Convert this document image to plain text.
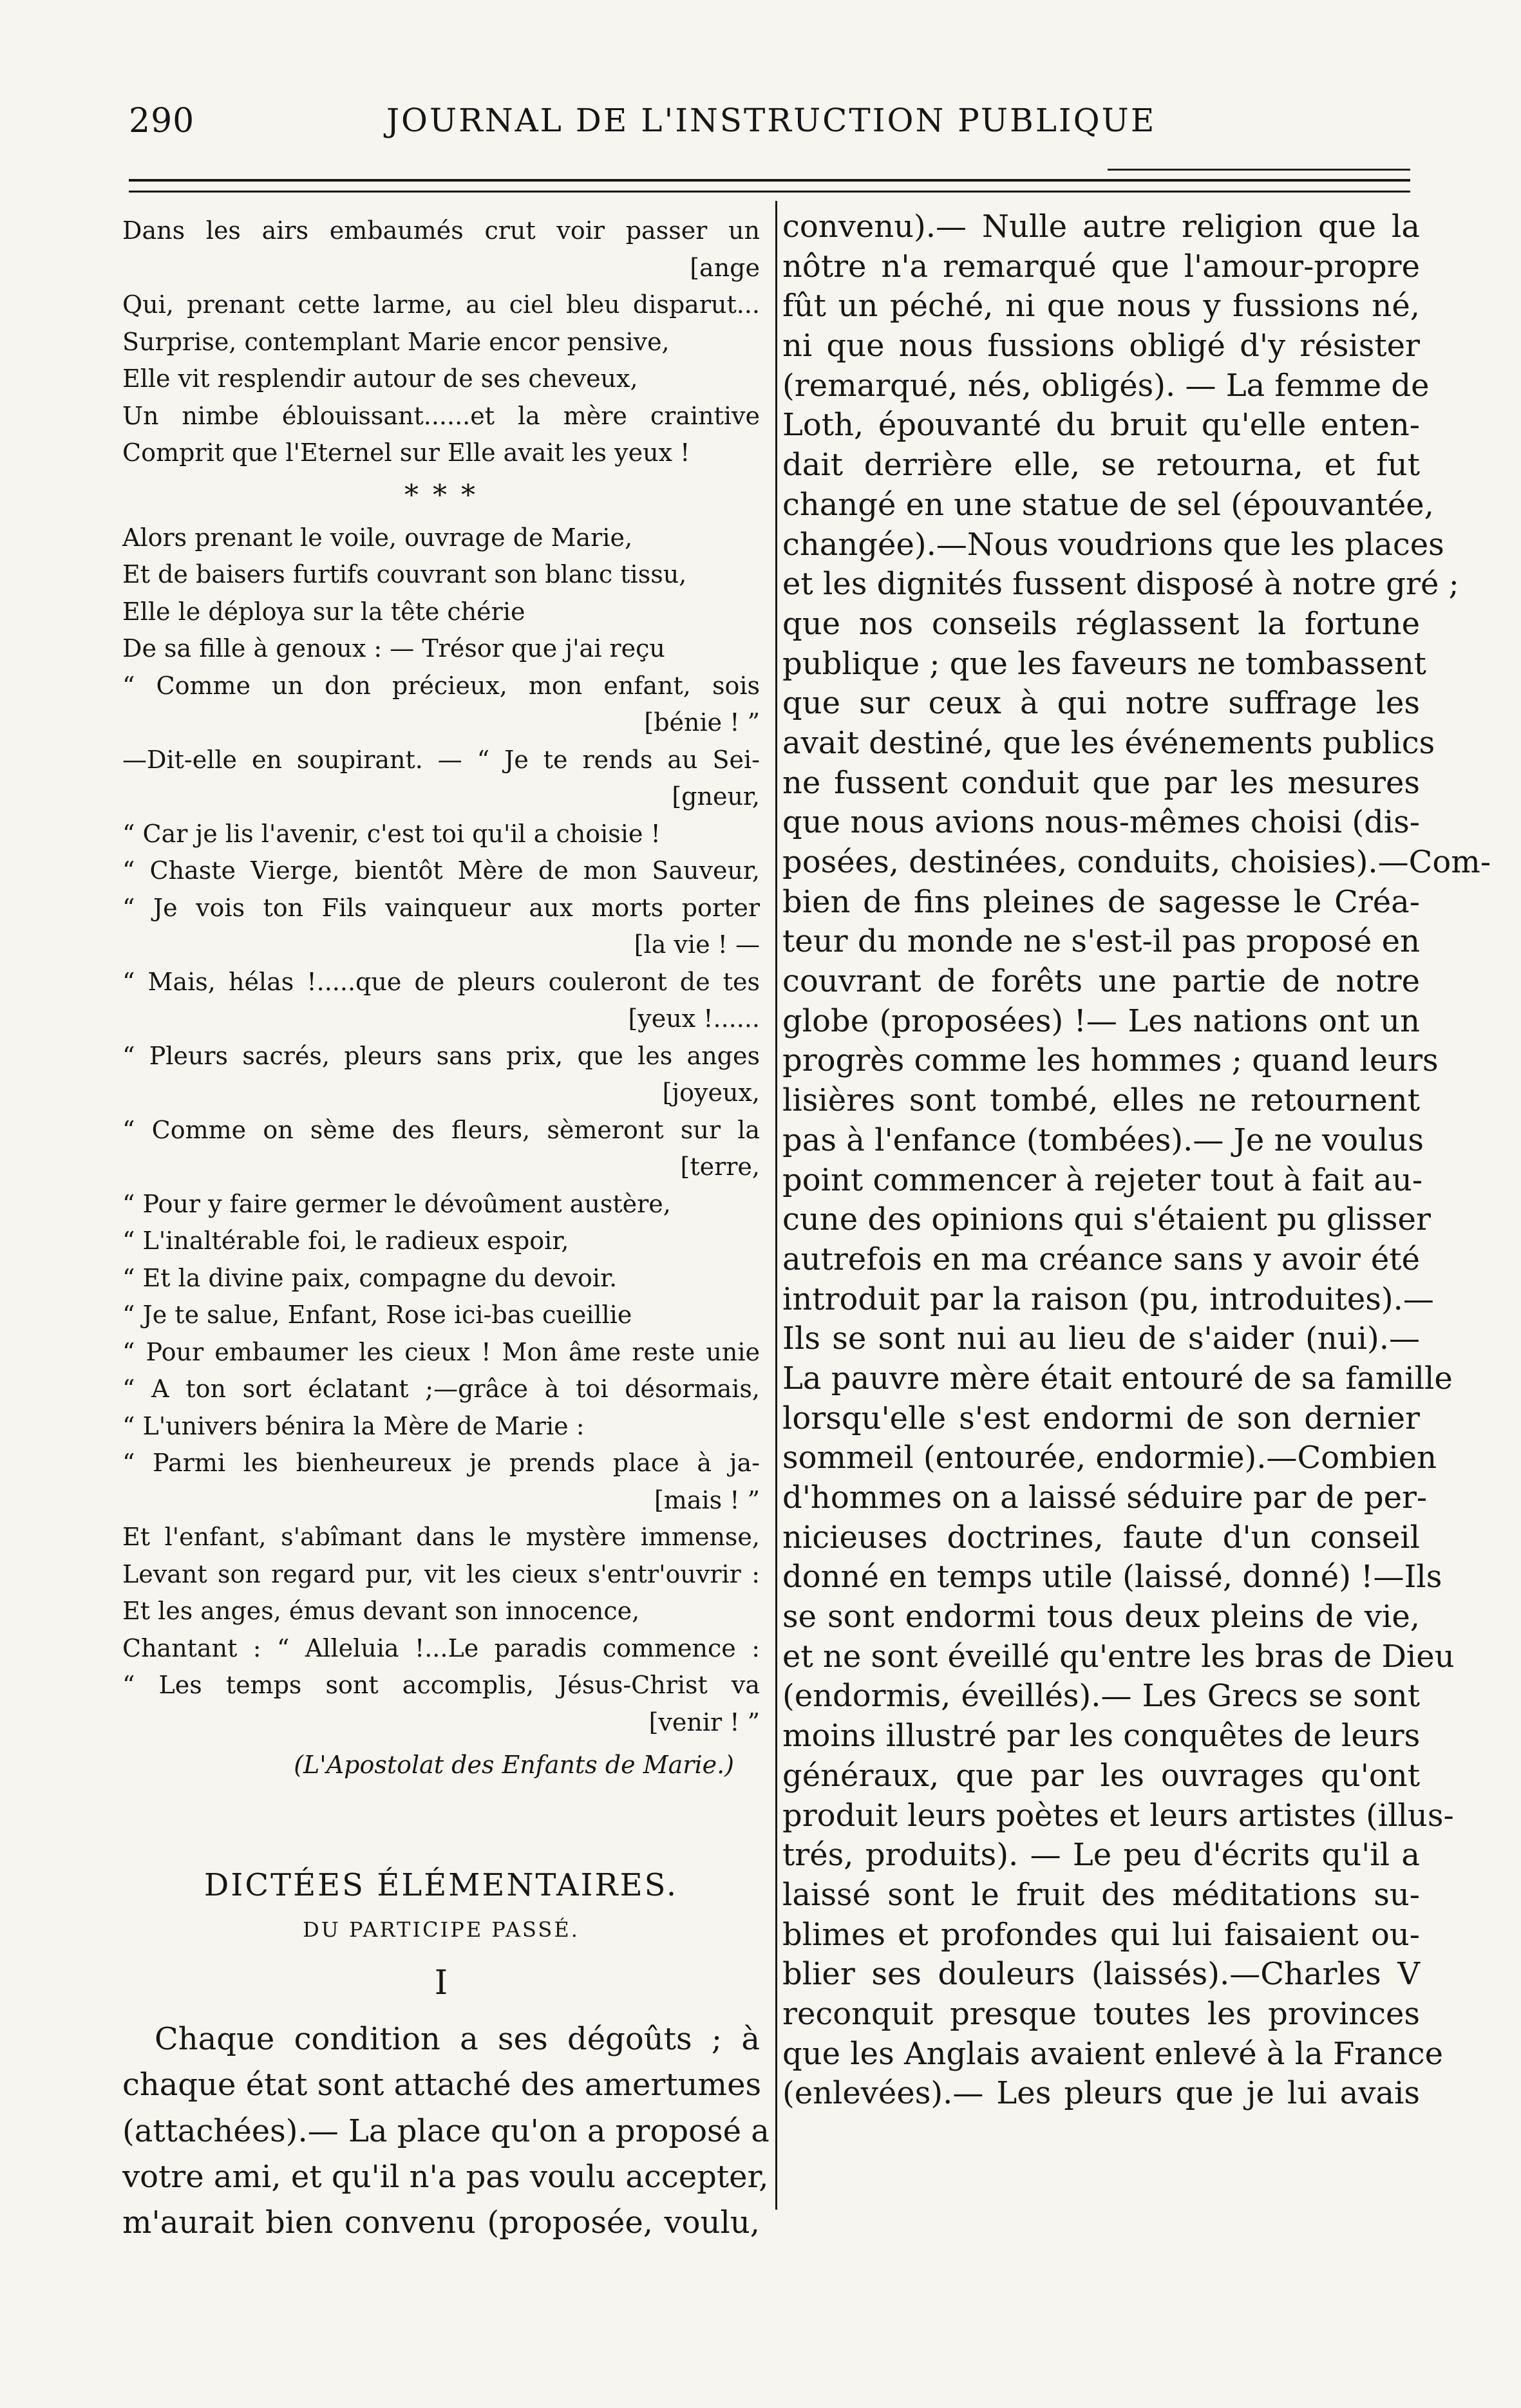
290	JOURNAL DE L'INSTRUCTION PUBLIQUE
Dans les airs embaumés crut voir passer un
[ange
Qui, prenant cette larme, au ciel bleu disparut...
Surprise, contemplant Marie encor pensive,
Elle vit resplendir autour de ses cheveux,
Un nimbe éblouissant......et la mère craintive
Comprit que l'Eternel sur Elle avait les yeux !
* * *
Alors prenant le voile, ouvrage de Marie,
Et de baisers furtifs couvrant son blanc tissu,
Elle le déploya sur la tête chérie
De sa fille à genoux : — Trésor que j'ai reçu
“ Comme un don précieux, mon enfant, sois
[bénie ! ”
—Dit-elle en soupirant. — “ Je te rends au Sei-
[gneur,
“ Car je lis l'avenir, c'est toi qu'il a choisie !
“ Chaste Vierge, bientôt Mère de mon Sauveur,
“ Je vois ton Fils vainqueur aux morts porter
[la vie ! —
“ Mais, hélas !.....que de pleurs couleront de tes
[yeux !......
“ Pleurs sacrés, pleurs sans prix, que les anges
[joyeux,
“ Comme on sème des fleurs, sèmeront sur la
[terre,
“ Pour y faire germer le dévoûment austère,
“ L'inaltérable foi, le radieux espoir,
“ Et la divine paix, compagne du devoir.
“ Je te salue, Enfant, Rose ici-bas cueillie
“ Pour embaumer les cieux ! Mon âme reste unie
“ A ton sort éclatant ;—grâce à toi désormais,
“ L'univers bénira la Mère de Marie :
“ Parmi les bienheureux je prends place à ja-
[mais ! ”
Et l'enfant, s'abîmant dans le mystère immense,
Levant son regard pur, vit les cieux s'entr'ouvrir :
Et les anges, émus devant son innocence,
Chantant : “ Alleluia !...Le paradis commence :
“ Les temps sont accomplis, Jésus-Christ va
[venir ! ”
(L'Apostolat des Enfants de Marie.)
DICTÉES ÉLÉMENTAIRES.
DU PARTICIPE PASSÉ.
I
Chaque condition a ses dégoûts ; à
chaque état sont attaché des amertumes
(attachées).— La place qu'on a proposé a
votre ami, et qu'il n'a pas voulu accepter,
m'aurait bien convenu (proposée, voulu,
convenu).— Nulle autre religion que la
nôtre n'a remarqué que l'amour-propre
fût un péché, ni que nous y fussions né,
ni que nous fussions obligé d'y résister
(remarqué, nés, obligés). — La femme de
Loth, épouvanté du bruit qu'elle enten-
dait derrière elle, se retourna, et fut
changé en une statue de sel (épouvantée,
changée).—Nous voudrions que les places
et les dignités fussent disposé à notre gré ;
que nos conseils réglassent la fortune
publique ; que les faveurs ne tombassent
que sur ceux à qui notre suffrage les
avait destiné, que les événements publics
ne fussent conduit que par les mesures
que nous avions nous-mêmes choisi (dis-
posées, destinées, conduits, choisies).—Com-
bien de fins pleines de sagesse le Créa-
teur du monde ne s'est-il pas proposé en
couvrant de forêts une partie de notre
globe (proposées) !— Les nations ont un
progrès comme les hommes ; quand leurs
lisières sont tombé, elles ne retournent
pas à l'enfance (tombées).— Je ne voulus
point commencer à rejeter tout à fait au-
cune des opinions qui s'étaient pu glisser
autrefois en ma créance sans y avoir été
introduit par la raison (pu, introduites).—
Ils se sont nui au lieu de s'aider (nui).—
La pauvre mère était entouré de sa famille
lorsqu'elle s'est endormi de son dernier
sommeil (entourée, endormie).—Combien
d'hommes on a laissé séduire par de per-
nicieuses doctrines, faute d'un conseil
donné en temps utile (laissé, donné) !—Ils
se sont endormi tous deux pleins de vie,
et ne sont éveillé qu'entre les bras de Dieu
(endormis, éveillés).— Les Grecs se sont
moins illustré par les conquêtes de leurs
généraux, que par les ouvrages qu'ont
produit leurs poètes et leurs artistes (illus-
trés, produits). — Le peu d'écrits qu'il a
laissé sont le fruit des méditations su-
blimes et profondes qui lui faisaient ou-
blier ses douleurs (laissés).—Charles V
reconquit presque toutes les provinces
que les Anglais avaient enlevé à la France
(enlevées).— Les pleurs que je lui avais
